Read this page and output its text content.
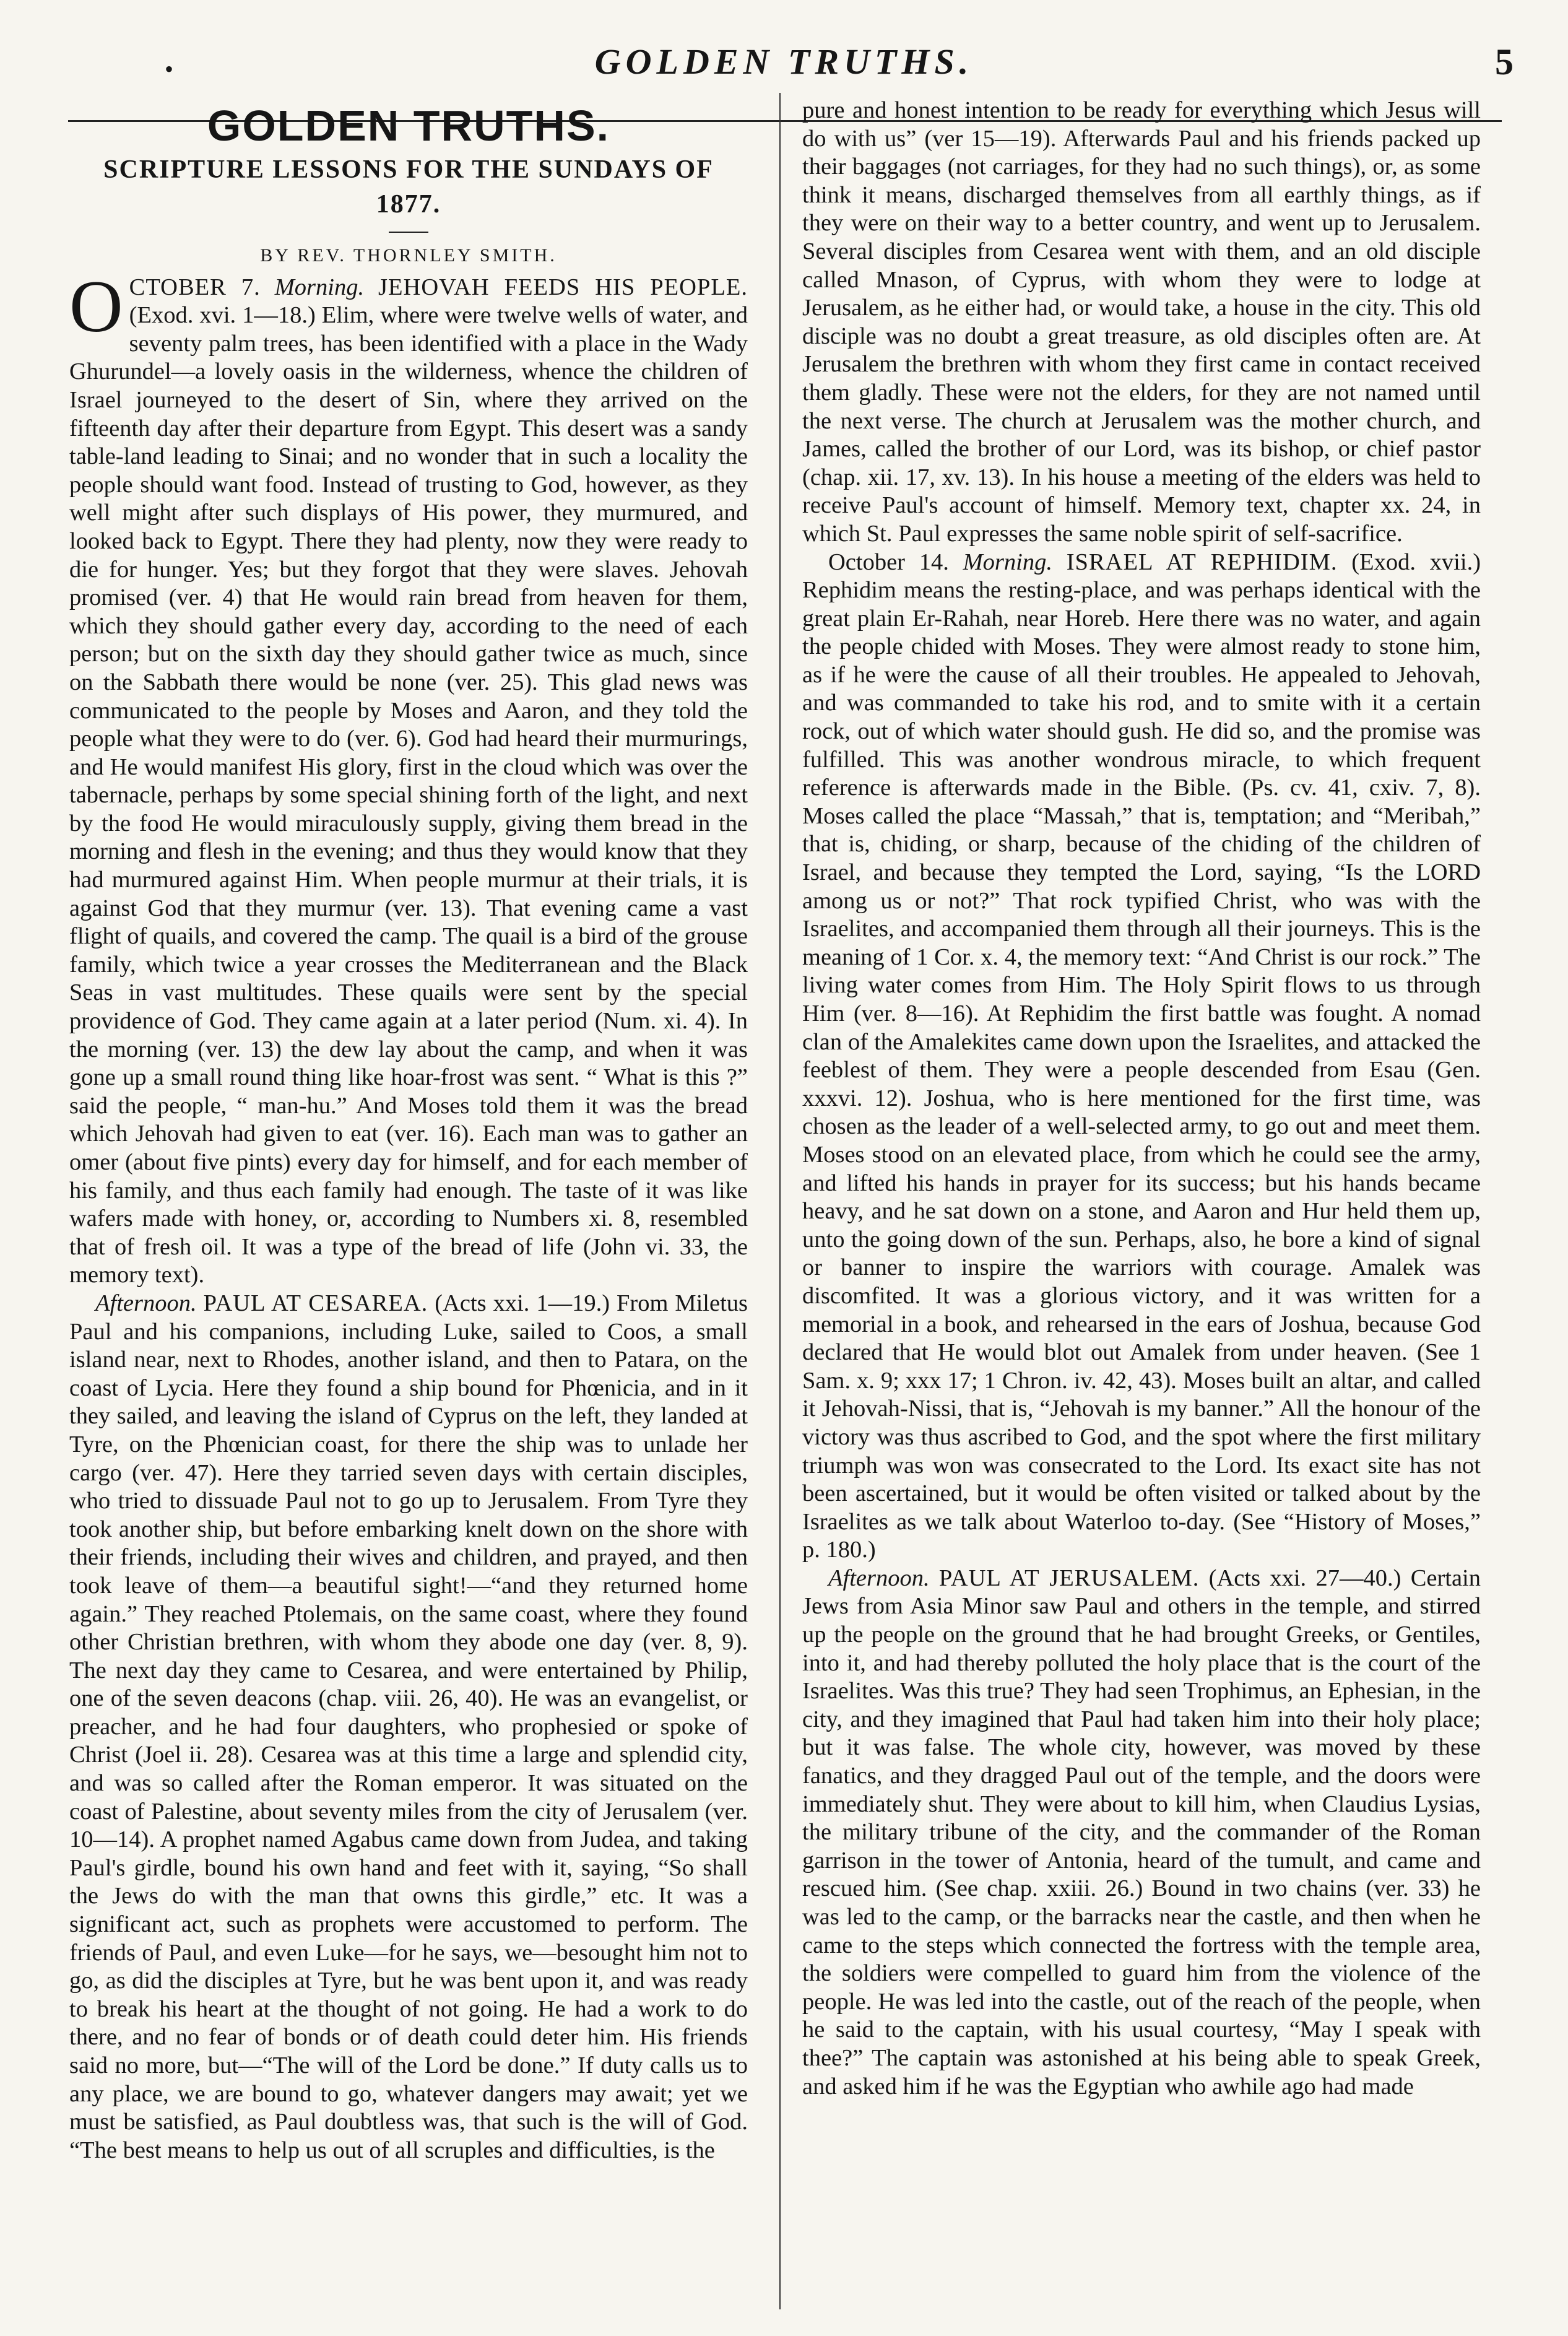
•	GOLDEN TRUTHS.	5
GOLDEN TRUTHS.
SCRIPTURE LESSONS FOR THE SUNDAYS OF 1877.
BY REV. THORNLEY SMITH.

OCTOBER 7. Morning. JEHOVAH FEEDS HIS PEOPLE. (Exod. xvi. 1—18.) Elim, where were twelve wells of water, and seventy palm trees, has been identified with a place in the Wady Ghurundel—a lovely oasis in the wilderness, whence the children of Israel journeyed to the desert of Sin, where they arrived on the fifteenth day after their departure from Egypt. This desert was a sandy table-land leading to Sinai; and no wonder that in such a locality the people should want food. Instead of trusting to God, however, as they well might after such displays of His power, they murmured, and looked back to Egypt. There they had plenty, now they were ready to die for hunger. Yes; but they forgot that they were slaves. Jehovah promised (ver. 4) that He would rain bread from heaven for them, which they should gather every day, according to the need of each person; but on the sixth day they should gather twice as much, since on the Sabbath there would be none (ver. 25). This glad news was communicated to the people by Moses and Aaron, and they told the people what they were to do (ver. 6). God had heard their murmurings, and He would manifest His glory, first in the cloud which was over the tabernacle, perhaps by some special shining forth of the light, and next by the food He would miraculously supply, giving them bread in the morning and flesh in the evening; and thus they would know that they had murmured against Him. When people murmur at their trials, it is against God that they murmur (ver. 13). That evening came a vast flight of quails, and covered the camp. The quail is a bird of the grouse family, which twice a year crosses the Mediterranean and the Black Seas in vast multitudes. These quails were sent by the special providence of God. They came again at a later period (Num. xi. 4). In the morning (ver. 13) the dew lay about the camp, and when it was gone up a small round thing like hoar-frost was sent. “ What is this ?” said the people, “ man-hu.” And Moses told them it was the bread which Jehovah had given to eat (ver. 16). Each man was to gather an omer (about five pints) every day for himself, and for each member of his family, and thus each family had enough. The taste of it was like wafers made with honey, or, according to Numbers xi. 8, resembled that of fresh oil. It was a type of the bread of life (John vi. 33, the memory text).

Afternoon. PAUL AT CESAREA. (Acts xxi. 1—19.) From Miletus Paul and his companions, including Luke, sailed to Coos, a small island near, next to Rhodes, another island, and then to Patara, on the coast of Lycia. Here they found a ship bound for Phœnicia, and in it they sailed, and leaving the island of Cyprus on the left, they landed at Tyre, on the Phœnician coast, for there the ship was to unlade her cargo (ver. 47). Here they tarried seven days with certain disciples, who tried to dissuade Paul not to go up to Jerusalem. From Tyre they took another ship, but before embarking knelt down on the shore with their friends, including their wives and children, and prayed, and then took leave of them—a beautiful sight!—“and they returned home again.” They reached Ptolemais, on the same coast, where they found other Christian brethren, with whom they abode one day (ver. 8, 9). The next day they came to Cesarea, and were entertained by Philip, one of the seven deacons (chap. viii. 26, 40). He was an evangelist, or preacher, and he had four daughters, who prophesied or spoke of Christ (Joel ii. 28). Cesarea was at this time a large and splendid city, and was so called after the Roman emperor. It was situated on the coast of Palestine, about seventy miles from the city of Jerusalem (ver. 10—14). A prophet named Agabus came down from Judea, and taking Paul's girdle, bound his own hand and feet with it, saying, “So shall the Jews do with the man that owns this girdle,” etc. It was a significant act, such as prophets were accustomed to perform. The friends of Paul, and even Luke—for he says, we—besought him not to go, as did the disciples at Tyre, but he was bent upon it, and was ready to break his heart at the thought of not going. He had a work to do there, and no fear of bonds or of death could deter him. His friends said no more, but—“The will of the Lord be done.” If duty calls us to any place, we are bound to go, whatever dangers may await; yet we must be satisfied, as Paul doubtless was, that such is the will of God. “The best means to help us out of all scruples and difficulties, is the

pure and honest intention to be ready for everything which Jesus will do with us” (ver 15—19). Afterwards Paul and his friends packed up their baggages (not carriages, for they had no such things), or, as some think it means, discharged themselves from all earthly things, as if they were on their way to a better country, and went up to Jerusalem. Several disciples from Cesarea went with them, and an old disciple called Mnason, of Cyprus, with whom they were to lodge at Jerusalem, as he either had, or would take, a house in the city. This old disciple was no doubt a great treasure, as old disciples often are. At Jerusalem the brethren with whom they first came in contact received them gladly. These were not the elders, for they are not named until the next verse. The church at Jerusalem was the mother church, and James, called the brother of our Lord, was its bishop, or chief pastor (chap. xii. 17, xv. 13). In his house a meeting of the elders was held to receive Paul's account of himself. Memory text, chapter xx. 24, in which St. Paul expresses the same noble spirit of self-sacrifice.

October 14. Morning. ISRAEL AT REPHIDIM. (Exod. xvii.) Rephidim means the resting-place, and was perhaps identical with the great plain Er-Rahah, near Horeb. Here there was no water, and again the people chided with Moses. They were almost ready to stone him, as if he were the cause of all their troubles. He appealed to Jehovah, and was commanded to take his rod, and to smite with it a certain rock, out of which water should gush. He did so, and the promise was fulfilled. This was another wondrous miracle, to which frequent reference is afterwards made in the Bible. (Ps. cv. 41, cxiv. 7, 8). Moses called the place “Massah,” that is, temptation; and “Meribah,” that is, chiding, or sharp, because of the chiding of the children of Israel, and because they tempted the Lord, saying, “Is the LORD among us or not?” That rock typified Christ, who was with the Israelites, and accompanied them through all their journeys. This is the meaning of 1 Cor. x. 4, the memory text: “And Christ is our rock.” The living water comes from Him. The Holy Spirit flows to us through Him (ver. 8—16). At Rephidim the first battle was fought. A nomad clan of the Amalekites came down upon the Israelites, and attacked the feeblest of them. They were a people descended from Esau (Gen. xxxvi. 12). Joshua, who is here mentioned for the first time, was chosen as the leader of a well-selected army, to go out and meet them. Moses stood on an elevated place, from which he could see the army, and lifted his hands in prayer for its success; but his hands became heavy, and he sat down on a stone, and Aaron and Hur held them up, unto the going down of the sun. Perhaps, also, he bore a kind of signal or banner to inspire the warriors with courage. Amalek was discomfited. It was a glorious victory, and it was written for a memorial in a book, and rehearsed in the ears of Joshua, because God declared that He would blot out Amalek from under heaven. (See 1 Sam. x. 9; xxx 17; 1 Chron. iv. 42, 43). Moses built an altar, and called it Jehovah-Nissi, that is, “Jehovah is my banner.” All the honour of the victory was thus ascribed to God, and the spot where the first military triumph was won was consecrated to the Lord. Its exact site has not been ascertained, but it would be often visited or talked about by the Israelites as we talk about Waterloo to-day. (See “History of Moses,” p. 180.)

Afternoon. PAUL AT JERUSALEM. (Acts xxi. 27—40.) Certain Jews from Asia Minor saw Paul and others in the temple, and stirred up the people on the ground that he had brought Greeks, or Gentiles, into it, and had thereby polluted the holy place that is the court of the Israelites. Was this true? They had seen Trophimus, an Ephesian, in the city, and they imagined that Paul had taken him into their holy place; but it was false. The whole city, however, was moved by these fanatics, and they dragged Paul out of the temple, and the doors were immediately shut. They were about to kill him, when Claudius Lysias, the military tribune of the city, and the commander of the Roman garrison in the tower of Antonia, heard of the tumult, and came and rescued him. (See chap. xxiii. 26.) Bound in two chains (ver. 33) he was led to the camp, or the barracks near the castle, and then when he came to the steps which connected the fortress with the temple area, the soldiers were compelled to guard him from the violence of the people. He was led into the castle, out of the reach of the people, when he said to the captain, with his usual courtesy, “May I speak with thee?” The captain was astonished at his being able to speak Greek, and asked him if he was the Egyptian who awhile ago had made
